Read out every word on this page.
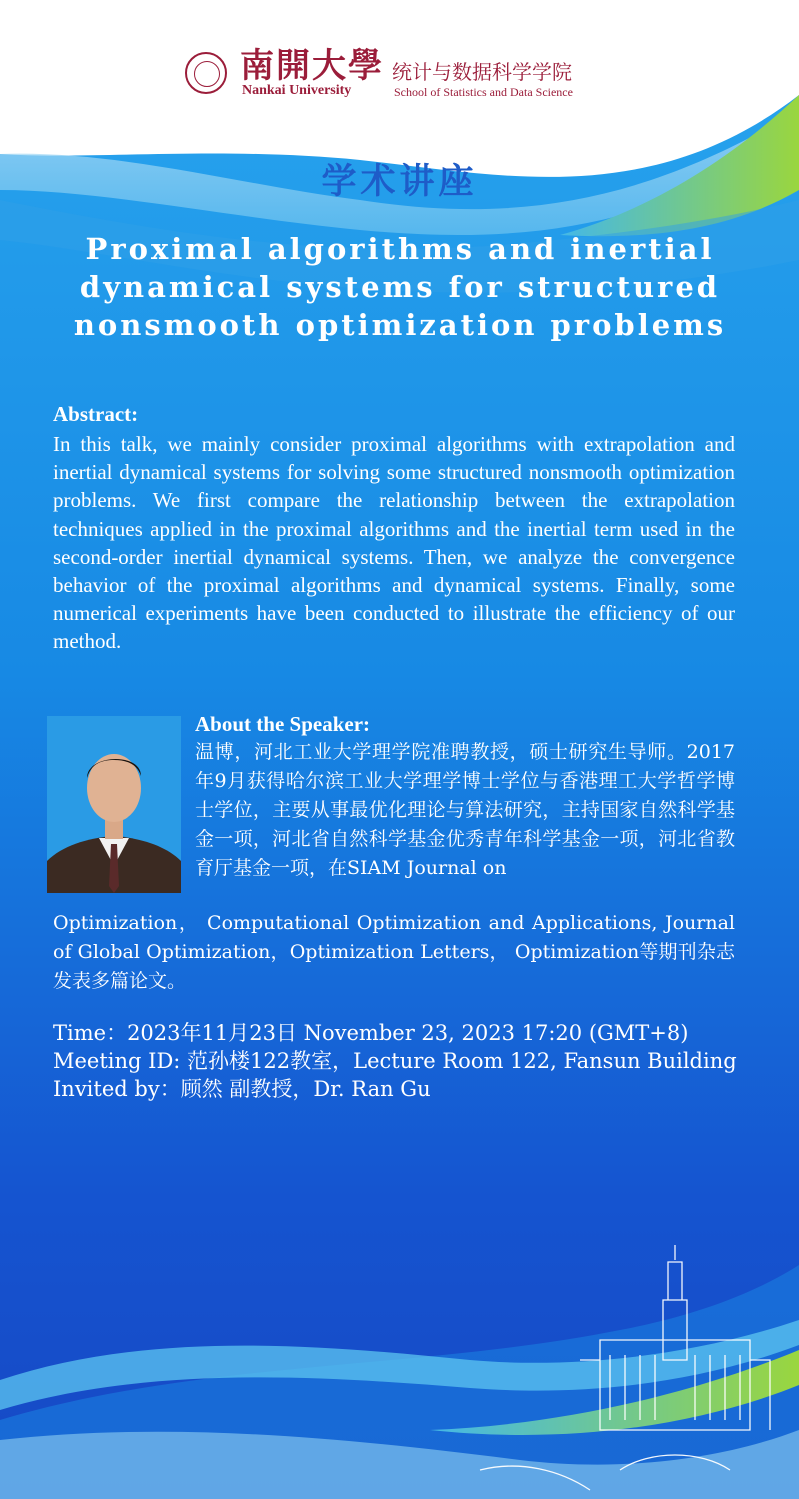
南開大學
Nankai University
统计与数据科学学院
School of Statistics and Data Science
学术讲座
Proximal algorithms and inertial dynamical systems for structured nonsmooth optimization problems
Abstract:
In this talk, we mainly consider proximal algorithms with extrapolation and inertial dynamical systems for solving some structured nonsmooth optimization problems. We first compare the relationship between the extrapolation techniques applied in the proximal algorithms and the inertial term used in the second-order inertial dynamical systems. Then, we analyze the convergence behavior of the proximal algorithms and dynamical systems. Finally, some numerical experiments have been conducted to illustrate the efficiency of our method.
About the Speaker:
温博，河北工业大学理学院准聘教授，硕士研究生导师。2017年9月获得哈尔滨工业大学理学博士学位与香港理工大学哲学博士学位，主要从事最优化理论与算法研究，主持国家自然科学基金一项，河北省自然科学基金优秀青年科学基金一项，河北省教育厅基金一项，在SIAM Journal on
Optimization， Computational Optimization and Applications, Journal of Global Optimization，Optimization Letters， Optimization等期刊杂志发表多篇论文。
Time：2023年11月23日 November 23, 2023 17:20 (GMT+8)
Meeting ID: 范孙楼122教室，Lecture Room 122, Fansun Building
Invited by：顾然 副教授，Dr. Ran Gu
